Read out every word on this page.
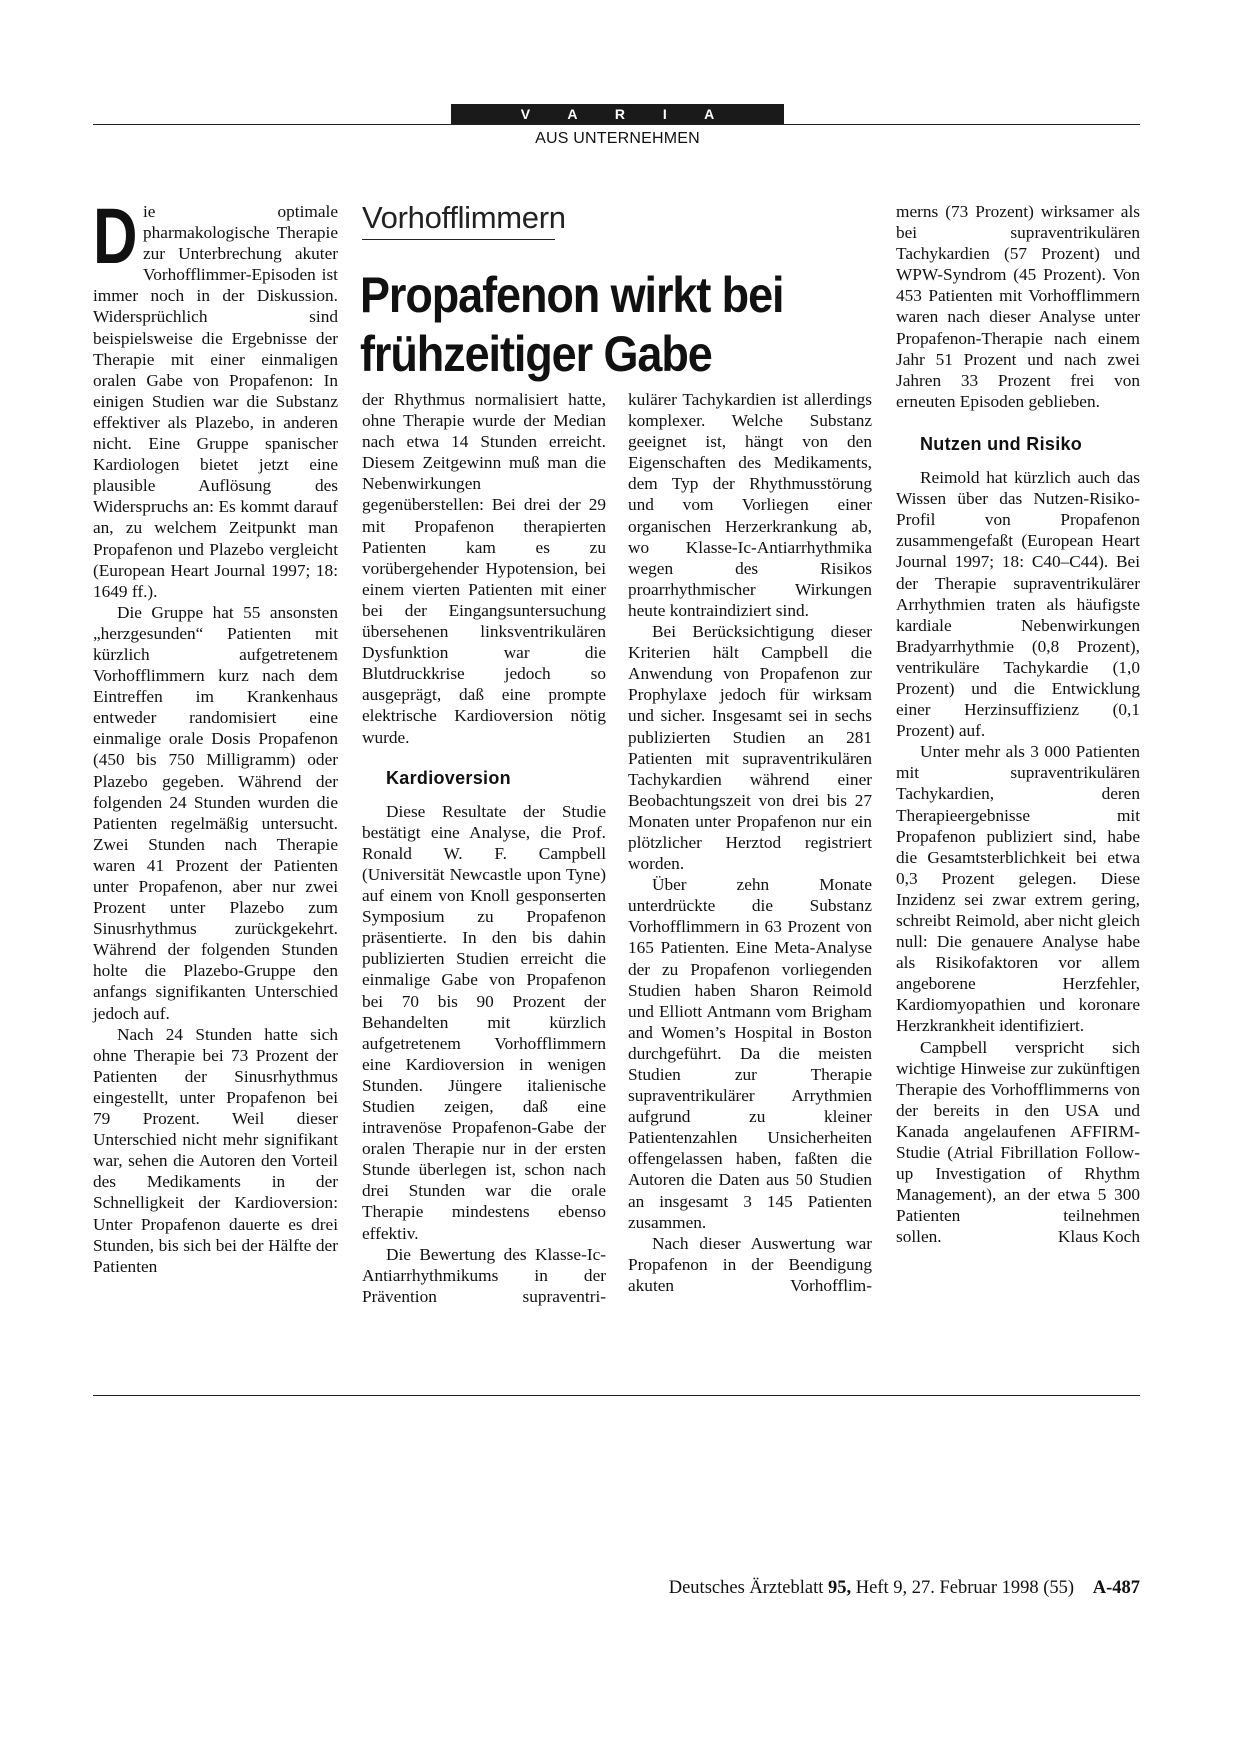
V A R I A
AUS UNTERNEHMEN
Vorhofflimmern
Propafenon wirkt bei frühzeitiger Gabe

Die optimale pharmakologische Therapie zur Unterbrechung akuter Vorhofflimmer-Episoden ist immer noch in der Diskussion. Widersprüchlich sind beispielsweise die Ergebnisse der Therapie mit einer einmaligen oralen Gabe von Propafenon: In einigen Studien war die Substanz effektiver als Plazebo, in anderen nicht. Eine Gruppe spanischer Kardiologen bietet jetzt eine plausible Auflösung des Widerspruchs an: Es kommt darauf an, zu welchem Zeitpunkt man Propafenon und Plazebo vergleicht (European Heart Journal 1997; 18: 1649 ff.).

Die Gruppe hat 55 ansonsten „herzgesunden“ Patienten mit kürzlich aufgetretenem Vorhofflimmern kurz nach dem Eintreffen im Krankenhaus entweder randomisiert eine einmalige orale Dosis Propafenon (450 bis 750 Milligramm) oder Plazebo gegeben. Während der folgenden 24 Stunden wurden die Patienten regelmäßig untersucht. Zwei Stunden nach Therapie waren 41 Prozent der Patienten unter Propafenon, aber nur zwei Prozent unter Plazebo zum Sinusrhythmus zurückgekehrt. Während der folgenden Stunden holte die Plazebo-Gruppe den anfangs signifikanten Unterschied jedoch auf.

Nach 24 Stunden hatte sich ohne Therapie bei 73 Prozent der Patienten der Sinusrhythmus eingestellt, unter Propafenon bei 79 Prozent. Weil dieser Unterschied nicht mehr signifikant war, sehen die Autoren den Vorteil des Medikaments in der Schnelligkeit der Kardioversion: Unter Propafenon dauerte es drei Stunden, bis sich bei der Hälfte der Patienten

der Rhythmus normalisiert hatte, ohne Therapie wurde der Median nach etwa 14 Stunden erreicht. Diesem Zeitgewinn muß man die Nebenwirkungen gegenüberstellen: Bei drei der 29 mit Propafenon therapierten Patienten kam es zu vorübergehender Hypotension, bei einem vierten Patienten mit einer bei der Eingangsuntersuchung übersehenen linksventrikulären Dysfunktion war die Blutdruckkrise jedoch so ausgeprägt, daß eine prompte elektrische Kardioversion nötig wurde.

Kardioversion

Diese Resultate der Studie bestätigt eine Analyse, die Prof. Ronald W. F. Campbell (Universität Newcastle upon Tyne) auf einem von Knoll gesponserten Symposium zu Propafenon präsentierte. In den bis dahin publizierten Studien erreicht die einmalige Gabe von Propafenon bei 70 bis 90 Prozent der Behandelten mit kürzlich aufgetretenem Vorhofflimmern eine Kardioversion in wenigen Stunden. Jüngere italienische Studien zeigen, daß eine intravenöse Propafenon-Gabe der oralen Therapie nur in der ersten Stunde überlegen ist, schon nach drei Stunden war die orale Therapie mindestens ebenso effektiv.

Die Bewertung des Klasse-Ic-Antiarrhythmikums in der Prävention supraventri-

kulärer Tachykardien ist allerdings komplexer. Welche Substanz geeignet ist, hängt von den Eigenschaften des Medikaments, dem Typ der Rhythmusstörung und vom Vorliegen einer organischen Herzerkrankung ab, wo Klasse-Ic-Antiarrhythmika wegen des Risikos proarrhythmischer Wirkungen heute kontraindiziert sind.

Bei Berücksichtigung dieser Kriterien hält Campbell die Anwendung von Propafenon zur Prophylaxe jedoch für wirksam und sicher. Insgesamt sei in sechs publizierten Studien an 281 Patienten mit supraventrikulären Tachykardien während einer Beobachtungszeit von drei bis 27 Monaten unter Propafenon nur ein plötzlicher Herztod registriert worden.

Über zehn Monate unterdrückte die Substanz Vorhofflimmern in 63 Prozent von 165 Patienten. Eine Meta-Analyse der zu Propafenon vorliegenden Studien haben Sharon Reimold und Elliott Antmann vom Brigham and Women’s Hospital in Boston durchgeführt. Da die meisten Studien zur Therapie supraventrikulärer Arrythmien aufgrund zu kleiner Patientenzahlen Unsicherheiten offengelassen haben, faßten die Autoren die Daten aus 50 Studien an insgesamt 3 145 Patienten zusammen.

Nach dieser Auswertung war Propafenon in der Beendigung akuten Vorhofflim-

merns (73 Prozent) wirksamer als bei supraventrikulären Tachykardien (57 Prozent) und WPW-Syndrom (45 Prozent). Von 453 Patienten mit Vorhofflimmern waren nach dieser Analyse unter Propafenon-Therapie nach einem Jahr 51 Prozent und nach zwei Jahren 33 Prozent frei von erneuten Episoden geblieben.

Nutzen und Risiko

Reimold hat kürzlich auch das Wissen über das Nutzen-Risiko-Profil von Propafenon zusammengefaßt (European Heart Journal 1997; 18: C40–C44). Bei der Therapie supraventrikulärer Arrhythmien traten als häufigste kardiale Nebenwirkungen Bradyarrhythmie (0,8 Prozent), ventrikuläre Tachykardie (1,0 Prozent) und die Entwicklung einer Herzinsuffizienz (0,1 Prozent) auf.

Unter mehr als 3 000 Patienten mit supraventrikulären Tachykardien, deren Therapieergebnisse mit Propafenon publiziert sind, habe die Gesamtsterblichkeit bei etwa 0,3 Prozent gelegen. Diese Inzidenz sei zwar extrem gering, schreibt Reimold, aber nicht gleich null: Die genauere Analyse habe als Risikofaktoren vor allem angeborene Herzfehler, Kardiomyopathien und koronare Herzkrankheit identifiziert.

Campbell verspricht sich wichtige Hinweise zur zukünftigen Therapie des Vorhofflimmerns von der bereits in den USA und Kanada angelaufenen AFFIRM-Studie (Atrial Fibrillation Follow-up Investigation of Rhythm Management), an der etwa 5 300 Patienten teilnehmen

sollen.	Klaus Koch
Deutsches Ärzteblatt 95, Heft 9, 27. Februar 1998 (55) A-487
